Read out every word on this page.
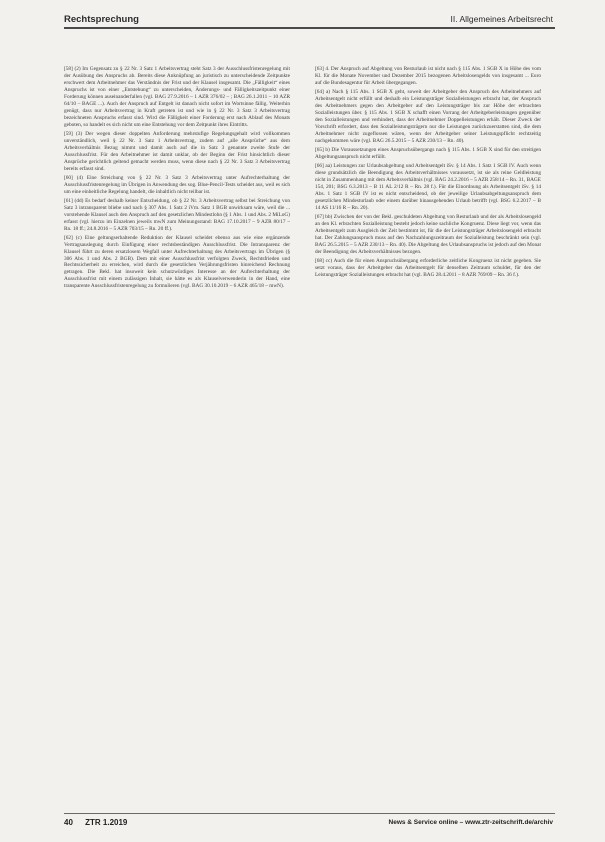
Rechtsprechung	II. Allgemeines Arbeitsrecht

[58] (2) Im Gegensatz zu § 22 Nr. 3 Satz 1 Arbeitsvertrag steht Satz 3 der Ausschlussfristenregelung mit der Ausübung des Anspruchs ab. Bereits diese Anknüpfung an juristisch zu unterscheidende Zeitpunkte erschwert dem Arbeitnehmer das Verständnis der Frist und der Klausel insgesamt. Die „Fälligkeit“ eines Anspruchs ist von einer „Entstehung“ zu unterscheiden, Änderungs- und Fälligkeitszeitpunkt einer Forderung können auseinanderfallen (vgl. BAG 27.9.2016 – 1 AZR 376/02 – ; BAG 26.1.2011 – 10 AZR 64/10 – BAGE ...). Auch der Anspruch auf Entgelt ist danach nicht sofort im Wortsinne fällig. Weiterhin genügt, dass nur Arbeitsvertrag in Kraft getreten ist und wie in § 22 Nr. 3 Satz 3 Arbeitsvertrag bezeichneten Anspruchs erfasst sind. Wird die Fälligkeit einer Forderung erst nach Ablauf des Monats geboten, so handelt es sich nicht um eine Entstehung vor dem Zeitpunkt ihres Eintritts.

[59] (3) Der wegen dieser doppelten Anforderung mehrstufige Regelungsgehalt wird vollkommen unverständlich, weil § 22 Nr. 3 Satz 1 Arbeitsvertrag, zudem auf „alle Ansprüche“ aus dem Arbeitsverhältnis Bezug nimmt und damit auch auf die in Satz 3 genannte zweite Stufe der Ausschlussfrist. Für den Arbeitnehmer ist damit unklar, ob der Beginn der Frist hinsichtlich dieser Ansprüche gerichtlich geltend gemacht werden muss, wenn diese nach § 22 Nr. 3 Satz 3 Arbeitsvertrag bereits erfasst sind.

[60] (4) Eine Streichung von § 22 Nr. 3 Satz 3 Arbeitsvertrag unter Aufrechterhaltung der Ausschlussfristenregelung im Übrigen in Anwendung des sog. Blue-Pencil-Tests scheidet aus, weil es sich um eine einheitliche Regelung handelt, die inhaltlich nicht teilbar ist.

[61] (dd) Es bedarf deshalb keiner Entscheidung, ob § 22 Nr. 3 Arbeitsvertrag selbst bei Streichung von Satz 3 intransparent bliebe und nach § 307 Abs. 1 Satz 2 iVm. Satz 1 BGB unwirksam wäre, weil die ... vorstehende Klausel auch den Anspruch auf den gesetzlichen Mindestlohn (§ 1 Abs. 1 und Abs. 2 MiLoG) erfasst (vgl. hierzu im Einzelnen jeweils mwN zum Meinungsstand: BAG 17.10.2017 – 9 AZR 80/17 – Rn. 18 ff.; 24.8.2016 – 5 AZR 703/15 – Rn. 20 ff.).

[62] (c) Eine geltungserhaltende Reduktion der Klausel scheidet ebenso aus wie eine ergänzende Vertragsauslegung durch Einfügung einer rechtsbeständigen Ausschlussfrist. Die Intransparenz der Klausel führt zu deren ersatzlosem Wegfall unter Aufrechterhaltung des Arbeitsvertrags im Übrigen (§ 306 Abs. 1 und Abs. 2 BGB). Dem mit einer Ausschlussfrist verfolgten Zweck, Rechtsfrieden und Rechtssicherheit zu erreichen, wird durch die gesetzlichen Verjährungsfristen hinreichend Rechnung getragen. Die Bekl. hat insoweit kein schutzwürdiges Interesse an der Aufrechterhaltung der Ausschlussfrist mit einem zulässigen Inhalt, sie hätte es als Klauselverwenderin in der Hand, eine transparente Ausschlussfristenregelung zu formulieren (vgl. BAG 30.10.2019 – 6 AZR 465/18 – mwN).

[63] 4. Der Anspruch auf Abgeltung von Resturlaub ist nicht nach § 115 Abs. 1 SGB X in Höhe des vom Kl. für die Monate November und Dezember 2015 bezogenen Arbeitslosengelds von insgesamt ... Euro auf die Bundesagentur für Arbeit übergegangen.

[64] a) Nach § 115 Abs. 1 SGB X geht, soweit der Arbeitgeber den Anspruch des Arbeitnehmers auf Arbeitsentgelt nicht erfüllt und deshalb ein Leistungsträger Sozialleistungen erbracht hat, der Anspruch des Arbeitnehmers gegen den Arbeitgeber auf den Leistungsträger bis zur Höhe der erbrachten Sozialleistungen über. § 115 Abs. 1 SGB X schafft einen Vorrang der Arbeitgeberleistungen gegenüber den Sozialleistungen und verhindert, dass der Arbeitnehmer Doppelleistungen erhält. Dieser Zweck der Vorschrift erfordert, dass den Sozialleistungsträgern nur die Leistungen zurückzuerstatten sind, die dem Arbeitnehmer nicht zugeflossen wären, wenn der Arbeitgeber seiner Leistungspflicht rechtzeitig nachgekommen wäre (vgl. BAG 26.5.2015 – 5 AZR 230/13 – Rn. 40).

[65] b) Die Voraussetzungen eines Anspruchsübergangs nach § 115 Abs. 1 SGB X sind für den streitigen Abgeltungsanspruch nicht erfüllt.

[66] aa) Leistungen zur Urlaubsabgeltung und Arbeitsentgelt iSv. § 14 Abs. 1 Satz 1 SGB IV. Auch wenn diese grundsätzlich die Beendigung des Arbeitsverhältnisses voraussetzt, ist sie als reine Geldleistung nicht in Zusammenhang mit dem Arbeitsverhältnis (vgl. BAG 24.2.2016 – 5 AZR 258/14 – Rn. 31, BAGE 154, 201; BSG 6.3.2013 – B 11 AL 2/12 R – Rn. 28 f.). Für die Einordnung als Arbeitsentgelt iSv. § 14 Abs. 1 Satz 1 SGB IV ist es nicht entscheidend, ob der jeweilige Urlaubsabgeltungsanspruch dem gesetzlichen Mindesturlaub oder einem darüber hinausgehenden Urlaub betrifft (vgl. BSG 6.2.2017 – B 14 AS 11/16 R – Rn. 20).

[67] bb) Zwischen der von der Bekl. geschuldeten Abgeltung von Resturlaub und der als Arbeitslosengeld an den Kl. erbrachten Sozialleistung besteht jedoch keine sachliche Kongruenz. Diese liegt vor, wenn das Arbeitsentgelt zum Ausgleich der Zeit bestimmt ist, für die der Leistungsträger Arbeitslosengeld erbracht hat. Der Zahlungsanspruch muss auf den Nachzahlungszeitraum der Sozialleistung beschränkt sein (vgl. BAG 26.5.2015 – 5 AZR 230/13 – Rn. 40). Die Abgeltung des Urlaubsanspruchs ist jedoch auf den Monat der Beendigung des Arbeitsverhältnisses bezogen.

[68] cc) Auch die für einen Anspruchsübergang erforderliche zeitliche Kongruenz ist nicht gegeben. Sie setzt voraus, dass der Arbeitgeber das Arbeitsentgelt für denselben Zeitraum schuldet, für den der Leistungsträger Sozialleistungen erbracht hat (vgl. BAG 28.4.2011 – 8 AZR 769/09 – Rn. 36 f.).

40 ZTR 1.2019	News & Service online – www.ztr-zeitschrift.de/archiv
